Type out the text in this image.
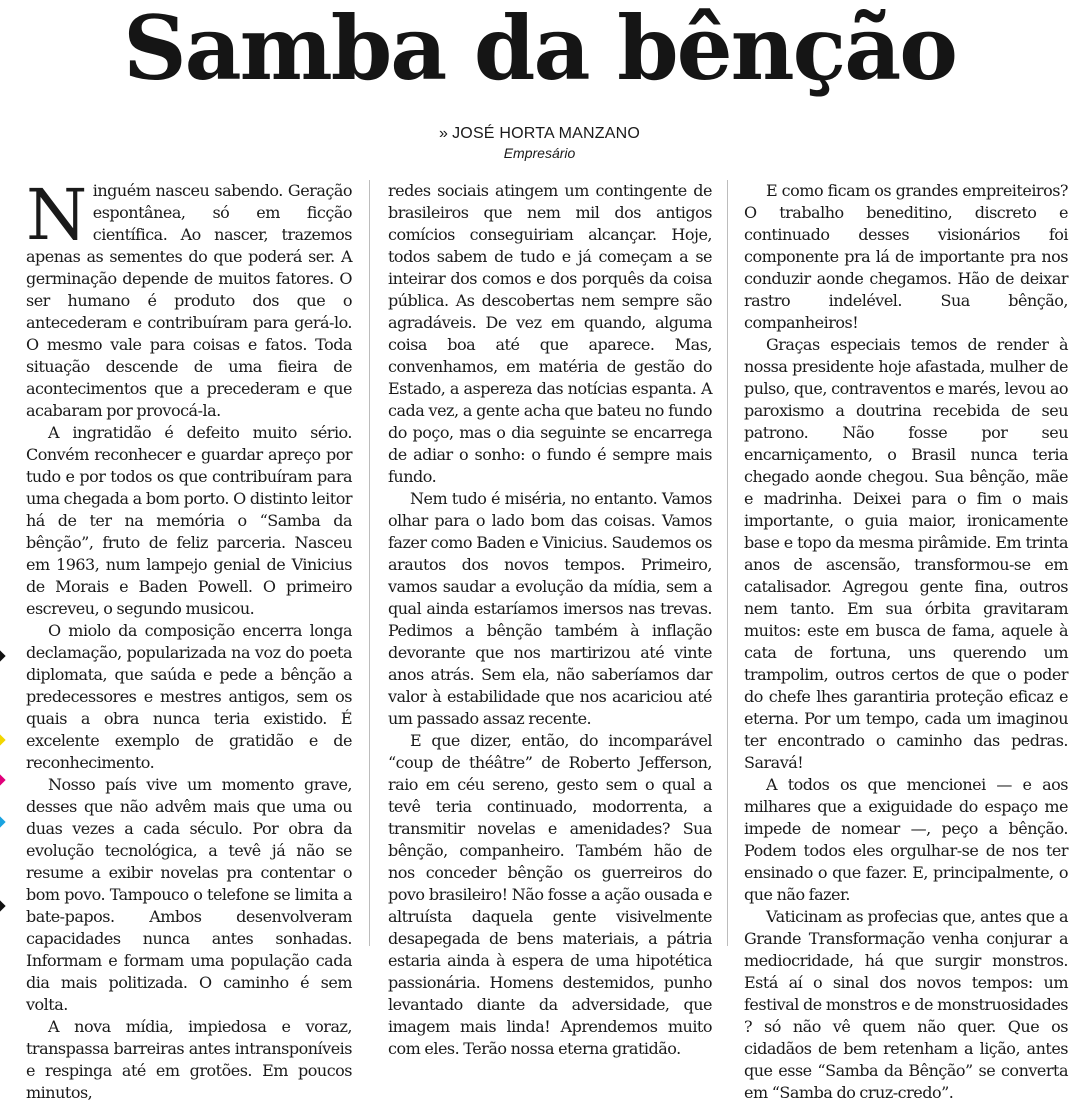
Samba da bênção
» JOSÉ HORTA MANZANO
Empresário

Ninguém nasceu sabendo. Geração espontânea, só em ficção científica. Ao nascer, trazemos apenas as sementes do que poderá ser. A germinação depende de muitos fatores. O ser humano é produto dos que o antecederam e contribuíram para gerá-lo. O mesmo vale para coisas e fatos. Toda situação descende de uma fieira de acontecimentos que a precederam e que acabaram por provocá-la.

A ingratidão é defeito muito sério. Convém reconhecer e guardar apreço por tudo e por todos os que contribuíram para uma chegada a bom porto. O distinto leitor há de ter na memória o “Samba da bênção”, fruto de feliz parceria. Nasceu em 1963, num lampejo genial de Vinicius de Morais e Baden Powell. O primeiro escreveu, o segundo musicou.

O miolo da composição encerra longa declamação, popularizada na voz do poeta diplomata, que saúda e pede a bênção a predecessores e mestres antigos, sem os quais a obra nunca teria existido. É excelente exemplo de gratidão e de reconhecimento.

Nosso país vive um momento grave, desses que não advêm mais que uma ou duas vezes a cada século. Por obra da evolução tecnológica, a tevê já não se resume a exibir novelas pra contentar o bom povo. Tampouco o telefone se limita a bate-papos. Ambos desenvolveram capacidades nunca antes sonhadas. Informam e formam uma população cada dia mais politizada. O caminho é sem volta.

A nova mídia, impiedosa e voraz, transpassa barreiras antes intransponíveis e respinga até em grotões. Em poucos minutos,

redes sociais atingem um contingente de brasileiros que nem mil dos antigos comícios conseguiriam alcançar. Hoje, todos sabem de tudo e já começam a se inteirar dos comos e dos porquês da coisa pública. As descobertas nem sempre são agradáveis. De vez em quando, alguma coisa boa até que aparece. Mas, convenhamos, em matéria de gestão do Estado, a aspereza das notícias espanta. A cada vez, a gente acha que bateu no fundo do poço, mas o dia seguinte se encarrega de adiar o sonho: o fundo é sempre mais fundo.

Nem tudo é miséria, no entanto. Vamos olhar para o lado bom das coisas. Vamos fazer como Baden e Vinicius. Saudemos os arautos dos novos tempos. Primeiro, vamos saudar a evolução da mídia, sem a qual ainda estaríamos imersos nas trevas. Pedimos a bênção também à inflação devorante que nos martirizou até vinte anos atrás. Sem ela, não saberíamos dar valor à estabilidade que nos acariciou até um passado assaz recente.

E que dizer, então, do incomparável “coup de théâtre” de Roberto Jefferson, raio em céu sereno, gesto sem o qual a tevê teria continuado, modorrenta, a transmitir novelas e amenidades? Sua bênção, companheiro. Também hão de nos conceder bênção os guerreiros do povo brasileiro! Não fosse a ação ousada e altruísta daquela gente visivelmente desapegada de bens materiais, a pátria estaria ainda à espera de uma hipotética passionária. Homens destemidos, punho levantado diante da adversidade, que imagem mais linda! Aprendemos muito com eles. Terão nossa eterna gratidão.

E como ficam os grandes empreiteiros? O trabalho beneditino, discreto e continuado desses visionários foi componente pra lá de importante pra nos conduzir aonde chegamos. Hão de deixar rastro indelével. Sua bênção, companheiros!

Graças especiais temos de render à nossa presidente hoje afastada, mulher de pulso, que, contraventos e marés, levou ao paroxismo a doutrina recebida de seu patrono. Não fosse por seu encarniçamento, o Brasil nunca teria chegado aonde chegou. Sua bênção, mãe e madrinha. Deixei para o fim o mais importante, o guia maior, ironicamente base e topo da mesma pirâmide. Em trinta anos de ascensão, transformou-se em catalisador. Agregou gente fina, outros nem tanto. Em sua órbita gravitaram muitos: este em busca de fama, aquele à cata de fortuna, uns querendo um trampolim, outros certos de que o poder do chefe lhes garantiria proteção eficaz e eterna. Por um tempo, cada um imaginou ter encontrado o caminho das pedras. Saravá!

A todos os que mencionei — e aos milhares que a exiguidade do espaço me impede de nomear —, peço a bênção. Podem todos eles orgulhar-se de nos ter ensinado o que fazer. E, principalmente, o que não fazer.

Vaticinam as profecias que, antes que a Grande Transformação venha conjurar a mediocridade, há que surgir monstros. Está aí o sinal dos novos tempos: um festival de monstros e de monstruosidades ? só não vê quem não quer. Que os cidadãos de bem retenham a lição, antes que esse “Samba da Bênção” se converta em “Samba do cruz-credo”.
